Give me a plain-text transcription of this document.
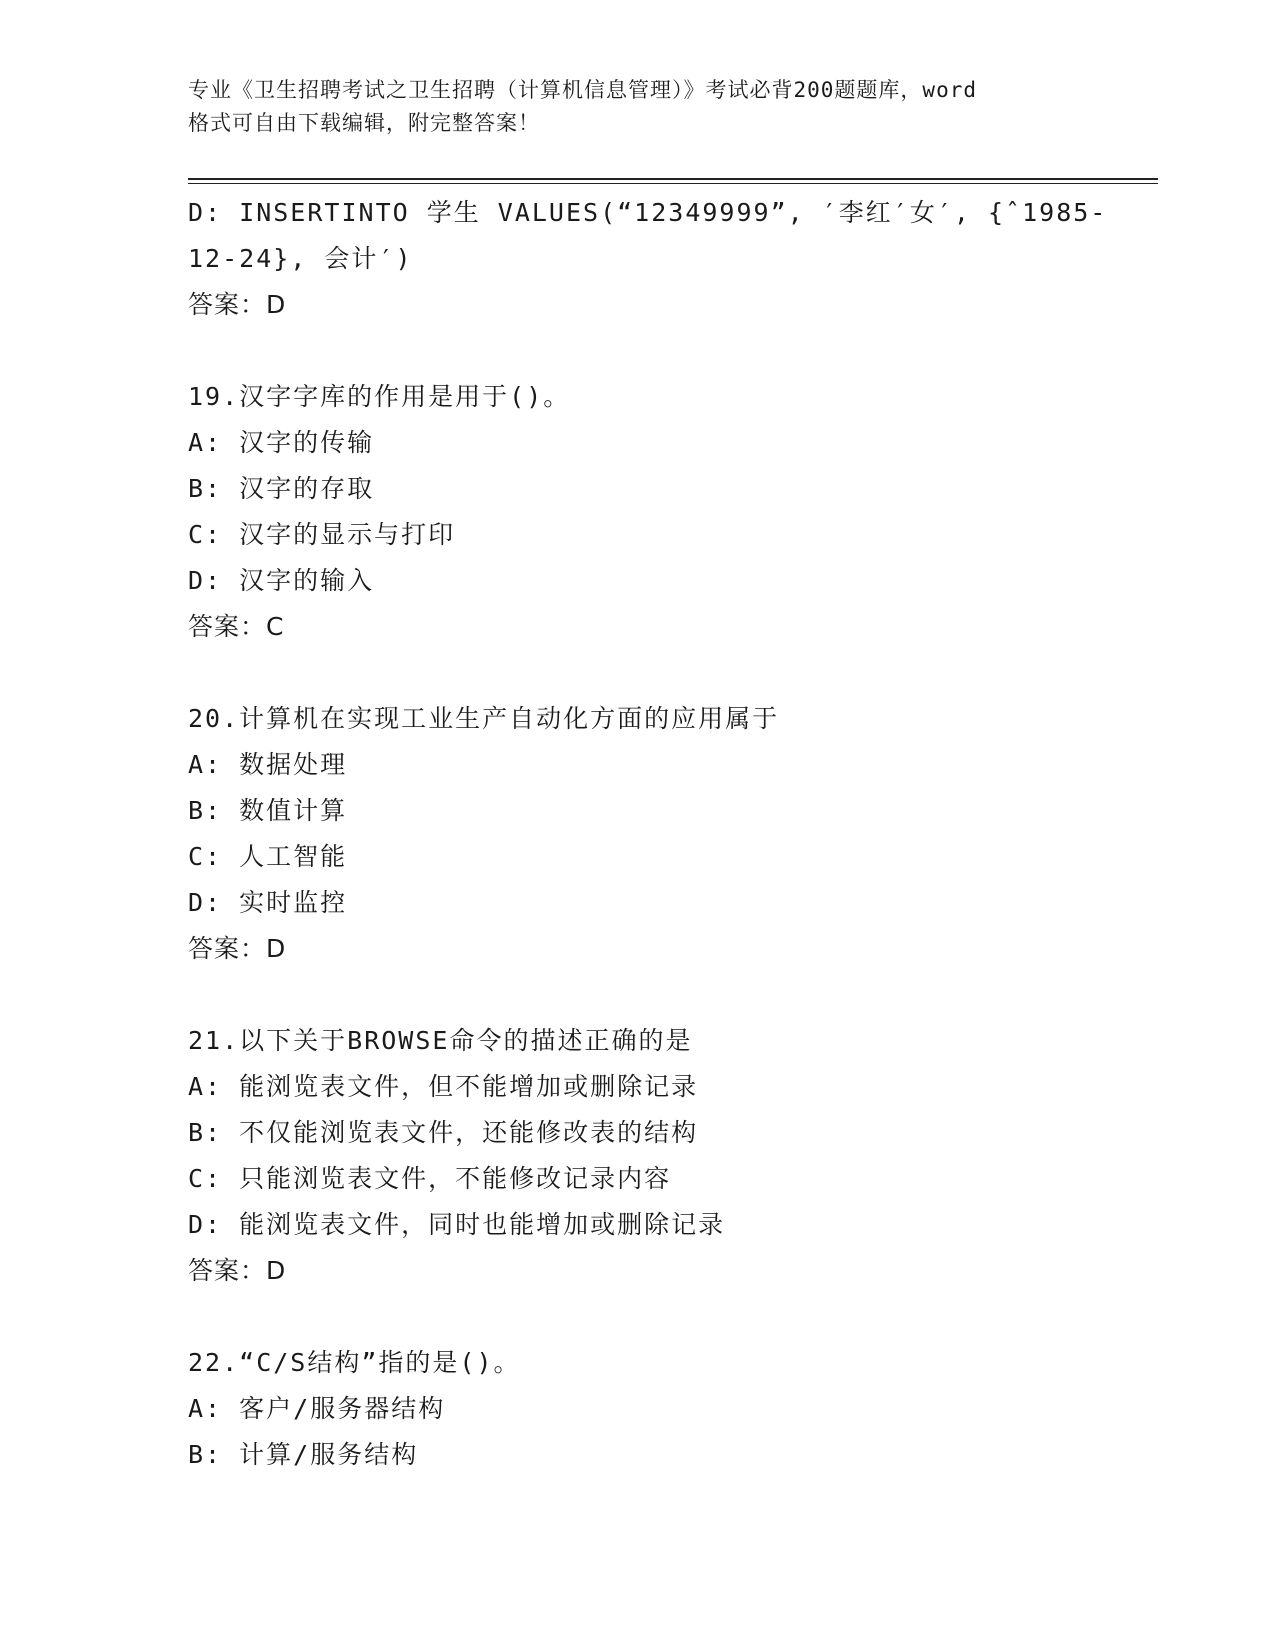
专业《卫生招聘考试之卫生招聘（计算机信息管理）》考试必背200题题库，word
格式可自由下载编辑，附完整答案！
D: INSERTINTO 学生 VALUES(“12349999”, ′李红′女′, {ˆ1985-
12-24}, 会计′)
答案：D
19.汉字字库的作用是用于()。
A: 汉字的传输
B: 汉字的存取
C: 汉字的显示与打印
D: 汉字的输入
答案：C
20.计算机在实现工业生产自动化方面的应用属于
A: 数据处理
B: 数值计算
C: 人工智能
D: 实时监控
答案：D
21.以下关于BROWSE命令的描述正确的是
A: 能浏览表文件，但不能增加或删除记录
B: 不仅能浏览表文件，还能修改表的结构
C: 只能浏览表文件，不能修改记录内容
D: 能浏览表文件，同时也能增加或删除记录
答案：D
22.“C/S结构”指的是()。
A: 客户/服务器结构
B: 计算/服务结构
